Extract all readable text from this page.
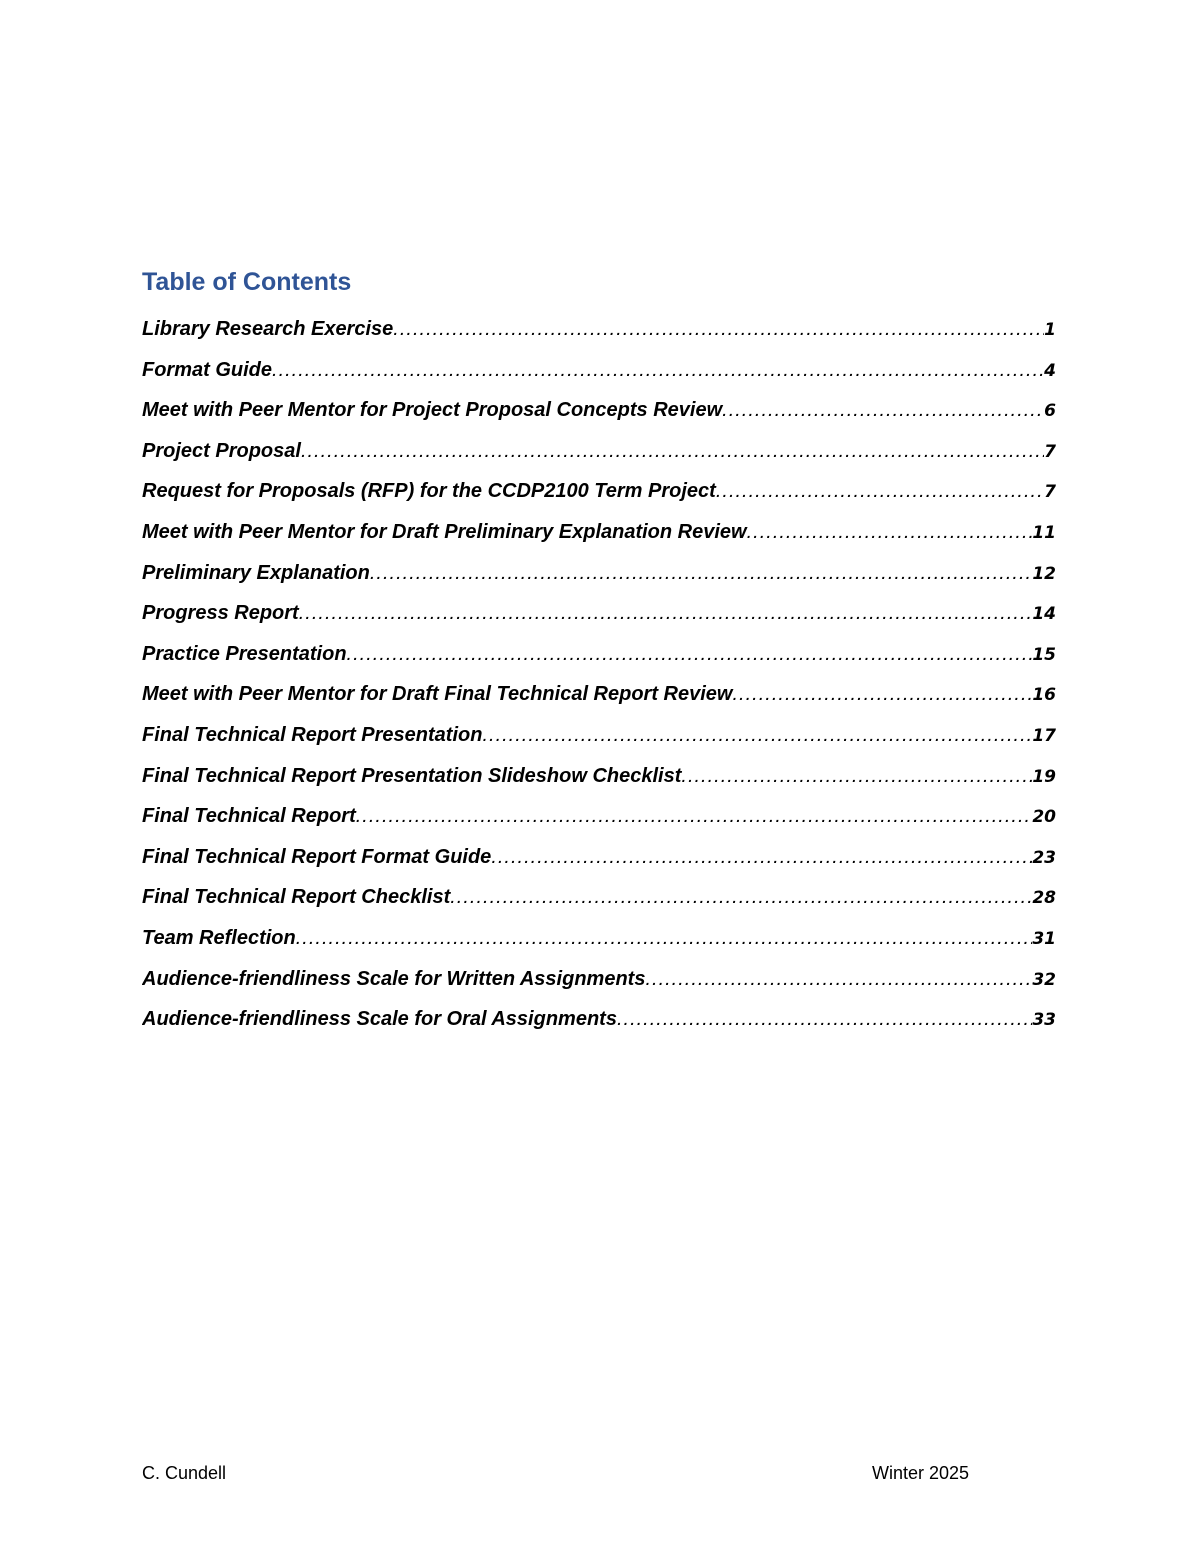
Table of Contents
Library Research Exercise .....	1
Format Guide .....	4
Meet with Peer Mentor for Project Proposal Concepts Review .....	6
Project Proposal .....	7
Request for Proposals (RFP) for the CCDP2100 Term Project .....	7
Meet with Peer Mentor for Draft Preliminary Explanation Review .....	11
Preliminary Explanation .....	12
Progress Report .....	14
Practice Presentation .....	15
Meet with Peer Mentor for Draft Final Technical Report Review .....	16
Final Technical Report Presentation .....	17
Final Technical Report Presentation Slideshow Checklist .....	19
Final Technical Report .....	20
Final Technical Report Format Guide .....	23
Final Technical Report Checklist .....	28
Team Reflection .....	31
Audience-friendliness Scale for Written Assignments .....	32
Audience-friendliness Scale for Oral Assignments .....	33
C. Cundell	Winter 2025
